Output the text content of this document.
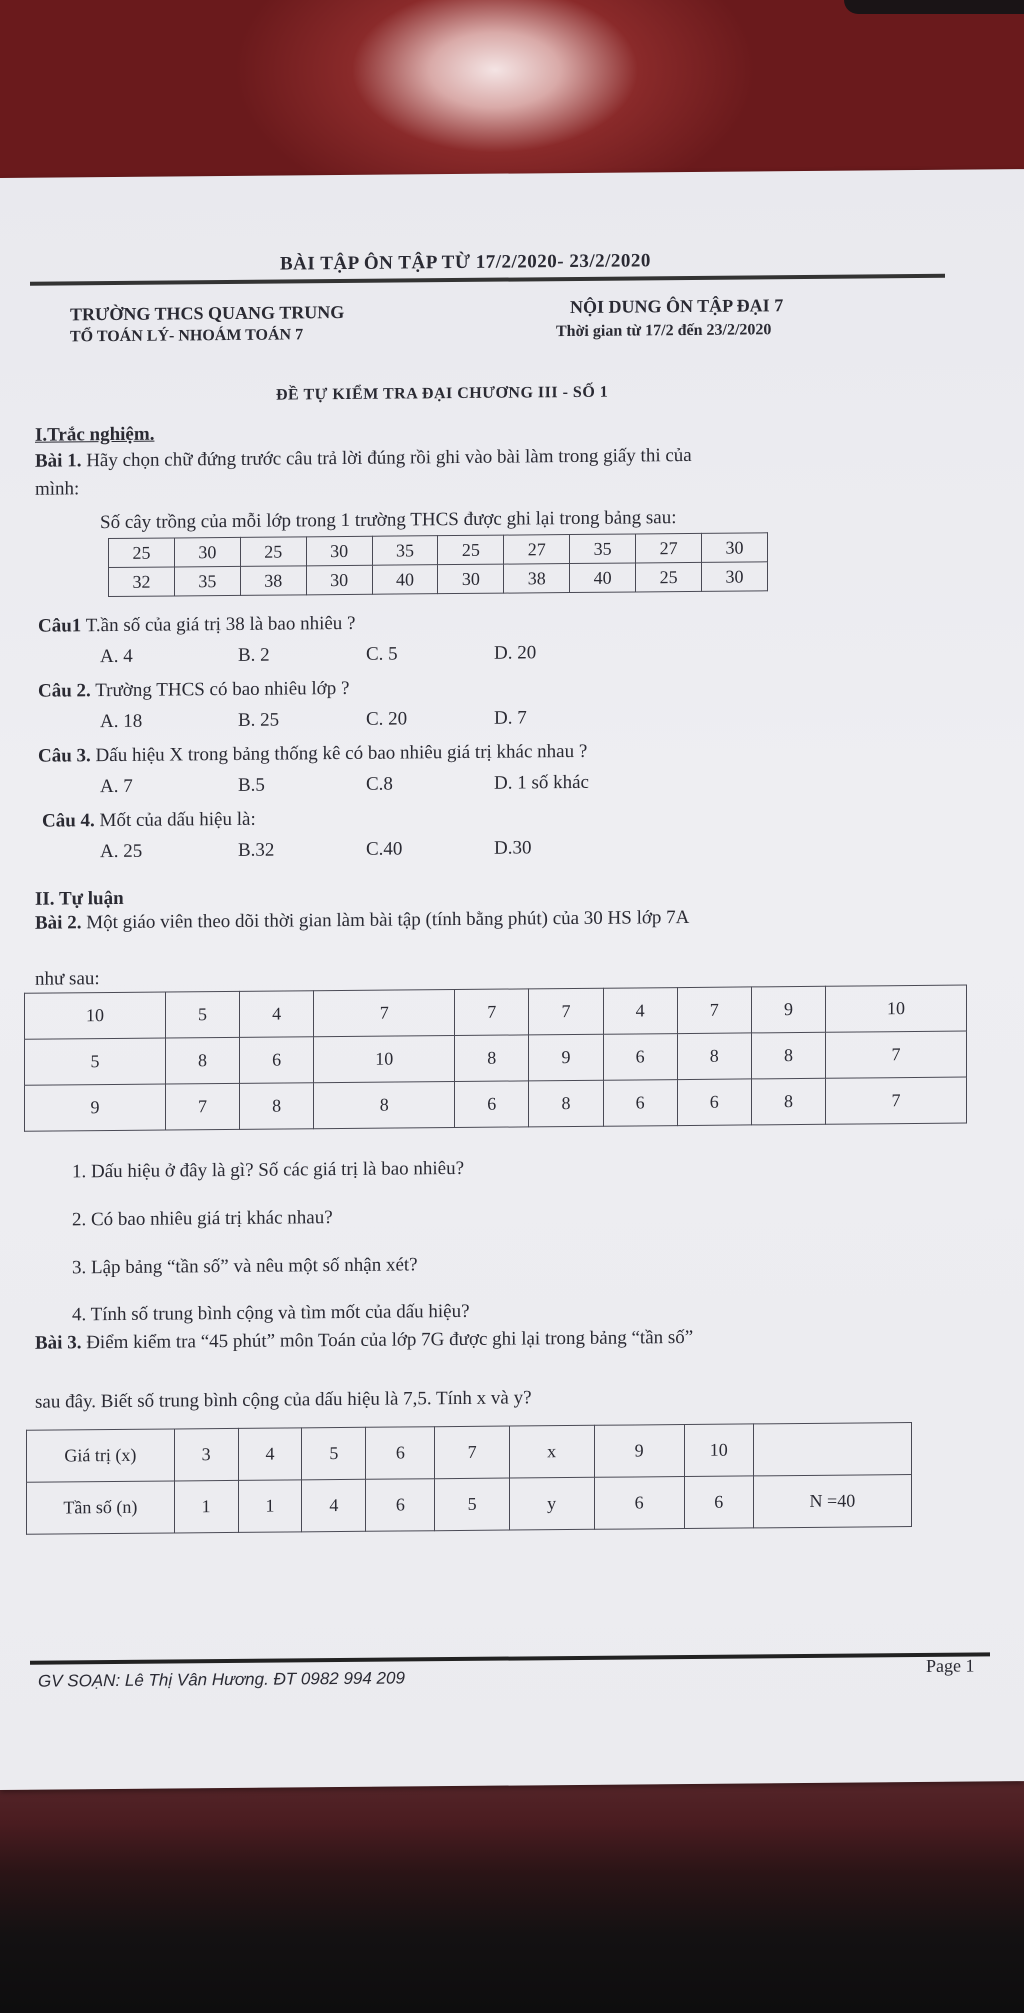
BÀI TẬP ÔN TẬP TỪ 17/2/2020- 23/2/2020
TRƯỜNG THCS QUANG TRUNG
TỔ TOÁN LÝ- NHOÁM TOÁN 7
NỘI DUNG ÔN TẬP ĐẠI 7
Thời gian từ 17/2 đến 23/2/2020
ĐỀ TỰ KIỂM TRA ĐẠI CHƯƠNG III - SỐ 1
I.Trắc nghiệm.
Bài 1. Hãy chọn chữ đứng trước câu trả lời đúng rồi ghi vào bài làm trong giấy thi của
mình:
Số cây trồng của mỗi lớp trong 1 trường THCS được ghi lại trong bảng sau:
25	30	25	30	35	25	27	35	27	30
32	35	38	30	40	30	38	40	25	30
Câu1 T.ần số của giá trị 38 là bao nhiêu ?
A. 4	B. 2	C. 5	D. 20
Câu 2. Trường THCS có bao nhiêu lớp ?
A. 18	B. 25	C. 20	D. 7
Câu 3. Dấu hiệu X trong bảng thống kê có bao nhiêu giá trị khác nhau ?
A. 7	B.5	C.8	D. 1 số khác
Câu 4. Mốt của dấu hiệu là:
A. 25	B.32	C.40	D.30
II. Tự luận
Bài 2. Một giáo viên theo dõi thời gian làm bài tập (tính bằng phút) của 30 HS lớp 7A
như sau:
10	5	4	7	7	7	4	7	9	10
5	8	6	10	8	9	6	8	8	7
9	7	8	8	6	8	6	6	8	7
1. Dấu hiệu ở đây là gì? Số các giá trị là bao nhiêu?
2. Có bao nhiêu giá trị khác nhau?
3. Lập bảng “tần số” và nêu một số nhận xét?
4. Tính số trung bình cộng và tìm mốt của dấu hiệu?
Bài 3. Điểm kiểm tra “45 phút” môn Toán của lớp 7G được ghi lại trong bảng “tần số”
sau đây. Biết số trung bình cộng của dấu hiệu là 7,5. Tính x và y?
Giá trị (x)	3	4	5	6	7	x	9	10	
Tần số (n)	1	1	4	6	5	y	6	6	N =40
GV SOẠN: Lê Thị Vân Hương. ĐT 0982 994 209
Page 1
